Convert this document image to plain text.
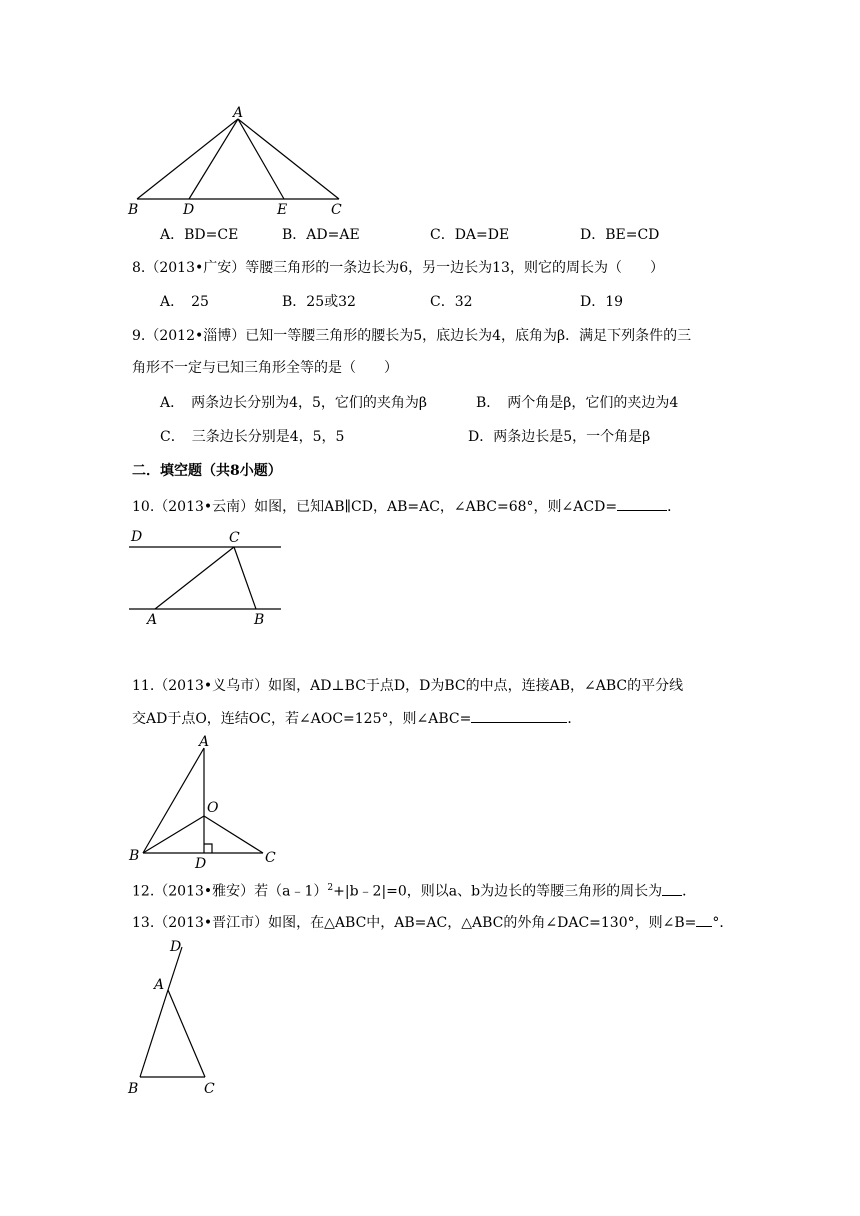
A
B	D	E	C
A．BD=CE	B．AD=AE	C．DA=DE	D．BE=CD
8.（2013•广安）等腰三角形的一条边长为6，另一边长为13，则它的周长为（　　）
A．　25	B．25或32	C．32	D．19
9.（2012•淄博）已知一等腰三角形的腰长为5，底边长为4，底角为β．满足下列条件的三
角形不一定与已知三角形全等的是（　　）
A．　两条边长分别为4，5，它们的夹角为β	B．　两个角是β，它们的夹边为4
C．　三条边长分别是4，5，5	D．两条边长是5，一个角是β
二．填空题（共8小题）
10.（2013•云南）如图，已知AB∥CD，AB=AC，∠ABC=68°，则∠ACD=	．
D	C
A	B
11.（2013•义乌市）如图，AD⊥BC于点D，D为BC的中点，连接AB，∠ABC的平分线
交AD于点O，连结OC，若∠AOC=125°，则∠ABC=	．
A
O
B	D	C
12.（2013•雅安）若（a﹣1）$^2$+|b﹣2|=0，则以a、b为边长的等腰三角形的周长为 ．
13.（2013•晋江市）如图，在△ABC中，AB=AC，△ABC的外角∠DAC=130°，则∠B= °．
D
A
B	C
